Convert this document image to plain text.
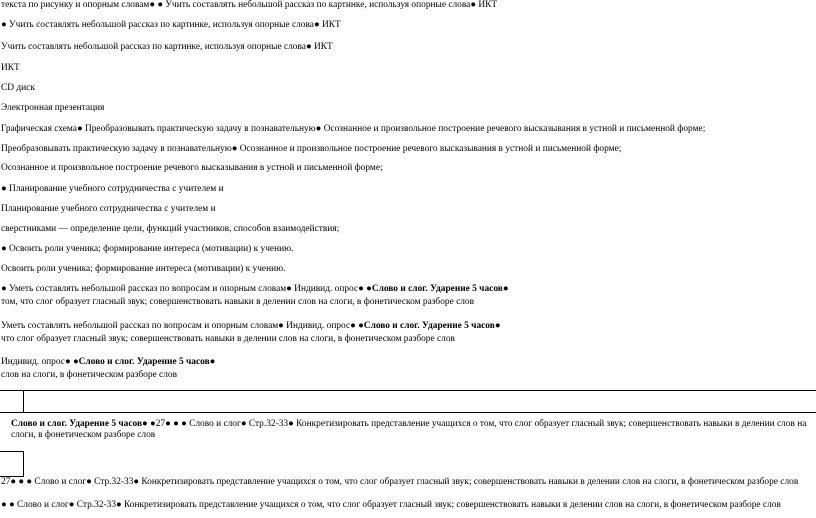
текста по рисунку и опорным словам● ● Учить составлять небольшой рассказ по картинке, используя опорные слова● ИКТ
● Учить составлять небольшой рассказ по картинке, используя опорные слова● ИКТ
Учить составлять небольшой рассказ по картинке, используя опорные слова● ИКТ
ИКТ
CD диск
Электронная презентация
Графическая схема● Преобразовывать практическую задачу в познавательную● Осознанное и произвольное построение речевого высказывания в устной и письменной форме;
Преобразовывать практическую задачу в познавательную● Осознанное и произвольное построение речевого высказывания в устной и письменной форме;
Осознанное и произвольное построение речевого высказывания в устной и письменной форме;
● Планирование учебного сотрудничества с учителем и
Планирование учебного сотрудничества с учителем и
сверстниками — определение цели, функций участников, способов взаимодействия;
● Освоить роли ученика; формирование интереса (мотивации) к учению.
Освоить роли ученика; формирование интереса (мотивации) к учению.
● Уметь составлять небольшой рассказ по вопросам и опорным словам● Индивид. опрос● ●Слово и слог. Ударение 5 часов●
том, что слог образует гласный звук; совершенствовать навыки в делении слов на слоги, в фонетическом разборе слов
Уметь составлять небольшой рассказ по вопросам и опорным словам● Индивид. опрос● ●Слово и слог. Ударение 5 часов●
что слог образует гласный звук; совершенствовать навыки в делении слов на слоги, в фонетическом разборе слов
Индивид. опрос● ●Слово и слог. Ударение 5 часов●
слов на слоги, в фонетическом разборе слов
Слово и слог. Ударение 5 часов● ●27● ● ● Слово и слог● Стр.32-33● Конкретизировать представление учащихся о том, что слог образует гласный звук; совершенствовать навыки в делении слов на слоги, в фонетическом разборе слов
27● ● ● Слово и слог● Стр.32-33● Конкретизировать представление учащихся о том, что слог образует гласный звук; совершенствовать навыки в делении слов на слоги, в фонетическом разборе слов
● ● Слово и слог● Стр.32-33● Конкретизировать представление учащихся о том, что слог образует гласный звук; совершенствовать навыки в делении слов на слоги, в фонетическом разборе слов
